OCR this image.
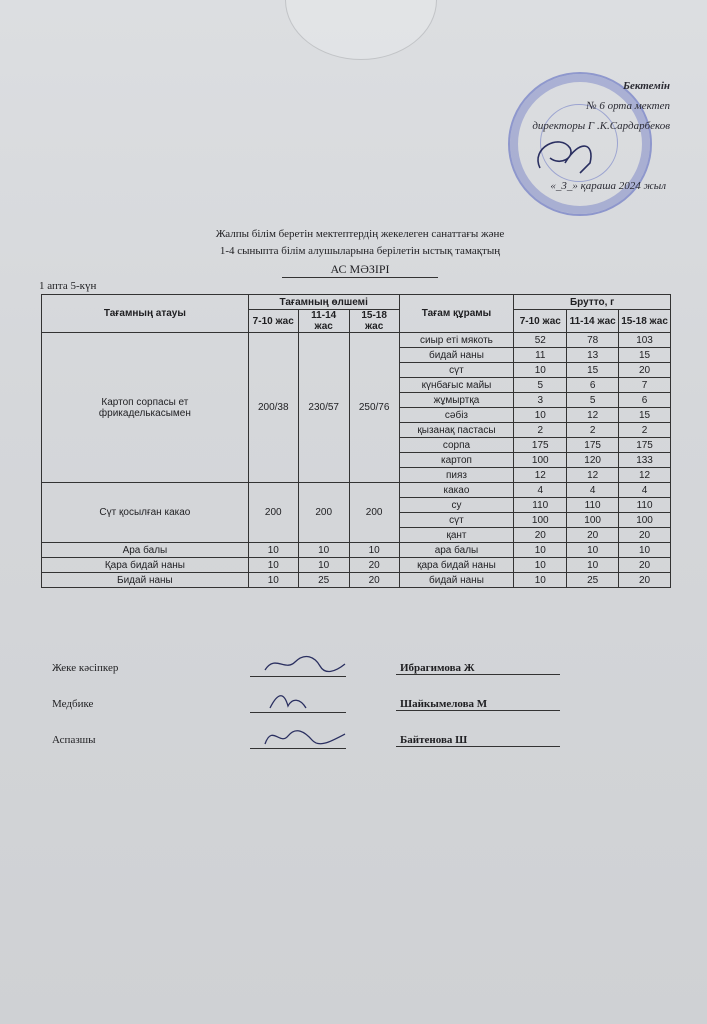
Бектемін
№ 6 орта мектеп
директоры Г .К.Сардарбеков
«_3_» қараша 2024 жыл
Жалпы білім беретін мектептердің жекелеген санаттағы және
1-4 сыныпта білім алушыларына берілетін ыстық тамақтың
АС МӘЗІРІ
1 апта 5-күн
Тағамның атауы	Тағамның өлшемі			Тағам құрамы	Брутто, г		
	7-10 жас	11-14 жас	15-18 жас		7-10 жас	11-14 жас	15-18 жас
Картоп сорпасы ет фрикаделькасымен	200/38	230/57	250/76	сиыр еті мякоть	52	78	103
				бидай наны	11	13	15
				сүт	10	15	20
				күнбағыс майы	5	6	7
				жұмыртқа	3	5	6
				сәбіз	10	12	15
				қызанақ пастасы	2	2	2
				сорпа	175	175	175
				картоп	100	120	133
				пияз	12	12	12
Сүт қосылған какао	200	200	200	какао	4	4	4
				су	110	110	110
				сүт	100	100	100
				қант	20	20	20
Ара балы	10	10	10	ара балы	10	10	10
Қара бидай наны	10	10	20	қара бидай наны	10	10	20
Бидай наны	10	25	20	бидай наны	10	25	20
Жеке кәсіпкер	Ибрагимова Ж
Медбике	Шайкымелова М
Аспазшы	Байтенова Ш
